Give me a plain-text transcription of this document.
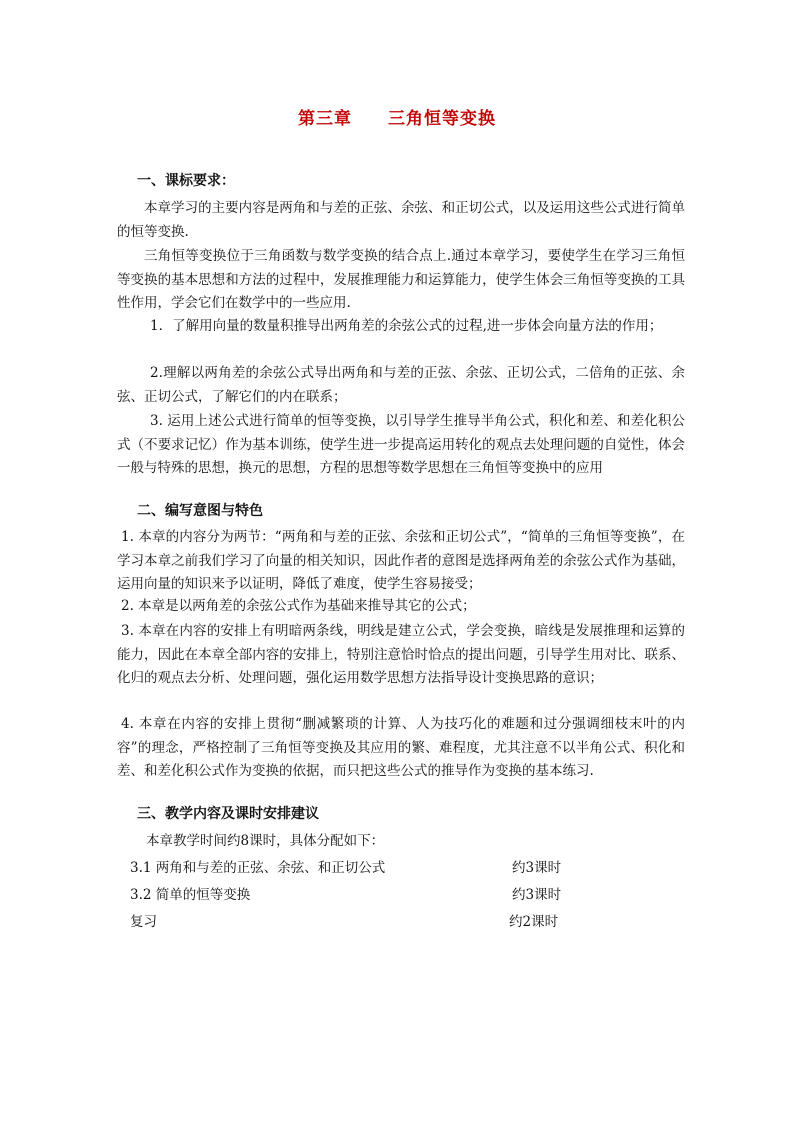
第三章 三角恒等变换
一、课标要求：

本章学习的主要内容是两角和与差的正弦、余弦、和正切公式，以及运用这些公式进行简单的恒等变换.

三角恒等变换位于三角函数与数学变换的结合点上.通过本章学习，要使学生在学习三角恒等变换的基本思想和方法的过程中，发展推理能力和运算能力，使学生体会三角恒等变换的工具性作用，学会它们在数学中的一些应用.

1．了解用向量的数量积推导出两角差的余弦公式的过程,进一步体会向量方法的作用；

2.理解以两角差的余弦公式导出两角和与差的正弦、余弦、正切公式，二倍角的正弦、余弦、正切公式，了解它们的内在联系；

3. 运用上述公式进行简单的恒等变换，以引导学生推导半角公式，积化和差、和差化积公式（不要求记忆）作为基本训练，使学生进一步提高运用转化的观点去处理问题的自觉性，体会一般与特殊的思想，换元的思想，方程的思想等数学思想在三角恒等变换中的应用

二、编写意图与特色

1. 本章的内容分为两节：“两角和与差的正弦、余弦和正切公式”，“简单的三角恒等变换”，在学习本章之前我们学习了向量的相关知识，因此作者的意图是选择两角差的余弦公式作为基础，运用向量的知识来予以证明，降低了难度，使学生容易接受；

2. 本章是以两角差的余弦公式作为基础来推导其它的公式；

3. 本章在内容的安排上有明暗两条线，明线是建立公式，学会变换，暗线是发展推理和运算的能力，因此在本章全部内容的安排上，特别注意恰时恰点的提出问题，引导学生用对比、联系、化归的观点去分析、处理问题，强化运用数学思想方法指导设计变换思路的意识；

4. 本章在内容的安排上贯彻“删减繁琐的计算、人为技巧化的难题和过分强调细枝末叶的内容”的理念，严格控制了三角恒等变换及其应用的繁、难程度，尤其注意不以半角公式、积化和差、和差化积公式作为变换的依据，而只把这些公式的推导作为变换的基本练习.

三、教学内容及课时安排建议
本章教学时间约8课时，具体分配如下：
3.1 两角和与差的正弦、余弦、和正切公式	约3课时
3.2 简单的恒等变换	约3课时
复习	约2课时
